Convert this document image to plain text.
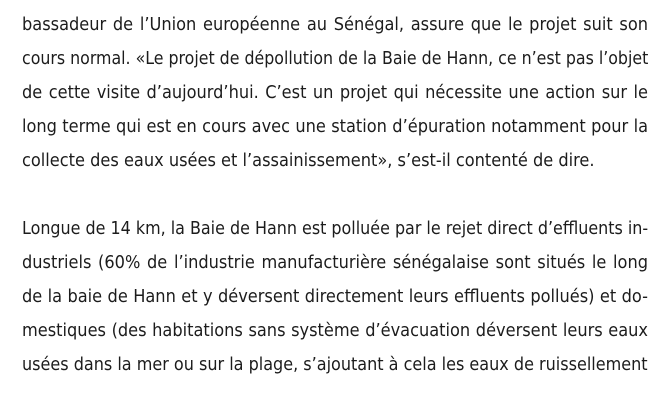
bassadeur de l’Union européenne au Sénégal, assure que le projet suit son
cours normal. «Le projet de dépollution de la Baie de Hann, ce n’est pas l’objet
de cette visite d’aujourd’hui. C’est un projet qui nécessite une action sur le
long terme qui est en cours avec une station d’épuration notamment pour la
collecte des eaux usées et l’assainissement», s’est-il contenté de dire.

Longue de 14 km, la Baie de Hann est polluée par le rejet direct d’effluents in-
dustriels (60% de l’industrie manufacturière sénégalaise sont situés le long
de la baie de Hann et y déversent directement leurs effluents pollués) et do-
mestiques (des habitations sans système d’évacuation déversent leurs eaux
usées dans la mer ou sur la plage, s’ajoutant à cela les eaux de ruissellement
